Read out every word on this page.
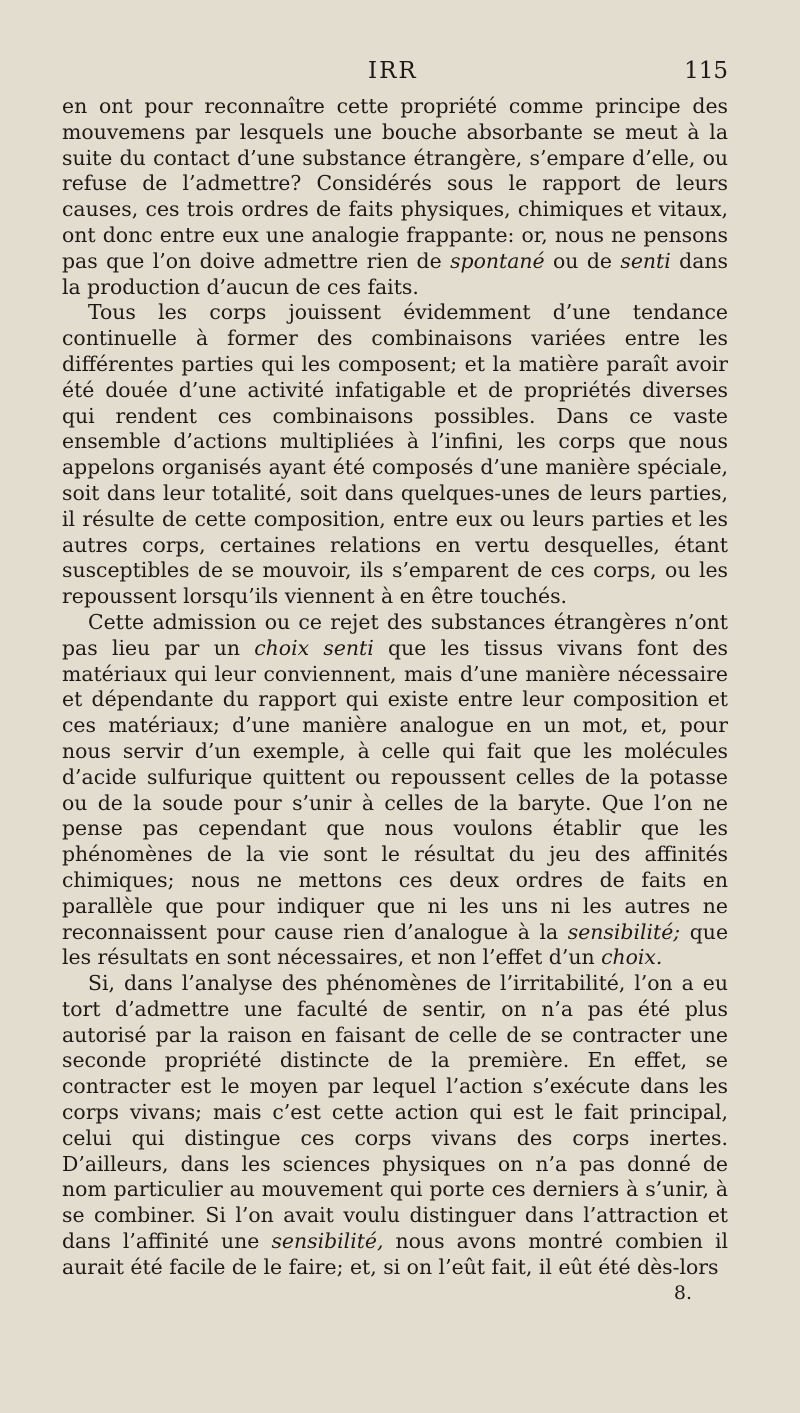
IRR	115

en ont pour reconnaître cette propriété comme principe des mouvemens par lesquels une bouche absorbante se meut à la suite du contact d’une substance étrangère, s’empare d’elle, ou refuse de l’admettre? Considérés sous le rapport de leurs causes, ces trois ordres de faits physiques, chimiques et vitaux, ont donc entre eux une analogie frappante: or, nous ne pensons pas que l’on doive admettre rien de spontané ou de senti dans la production d’aucun de ces faits.

Tous les corps jouissent évidemment d’une tendance continuelle à former des combinaisons variées entre les différentes parties qui les composent; et la matière paraît avoir été douée d’une activité infatigable et de propriétés diverses qui rendent ces combinaisons possibles. Dans ce vaste ensemble d’actions multipliées à l’infini, les corps que nous appelons organisés ayant été composés d’une manière spéciale, soit dans leur totalité, soit dans quelques-unes de leurs parties, il résulte de cette composition, entre eux ou leurs parties et les autres corps, certaines relations en vertu desquelles, étant susceptibles de se mouvoir, ils s’emparent de ces corps, ou les repoussent lorsqu’ils viennent à en être touchés.

Cette admission ou ce rejet des substances étrangères n’ont pas lieu par un choix senti que les tissus vivans font des matériaux qui leur conviennent, mais d’une manière nécessaire et dépendante du rapport qui existe entre leur composition et ces matériaux; d’une manière analogue en un mot, et, pour nous servir d’un exemple, à celle qui fait que les molécules d’acide sulfurique quittent ou repoussent celles de la potasse ou de la soude pour s’unir à celles de la baryte. Que l’on ne pense pas cependant que nous voulons établir que les phénomènes de la vie sont le résultat du jeu des affinités chimiques; nous ne mettons ces deux ordres de faits en parallèle que pour indiquer que ni les uns ni les autres ne reconnaissent pour cause rien d’analogue à la sensibilité; que les résultats en sont nécessaires, et non l’effet d’un choix.

Si, dans l’analyse des phénomènes de l’irritabilité, l’on a eu tort d’admettre une faculté de sentir, on n’a pas été plus autorisé par la raison en faisant de celle de se contracter une seconde propriété distincte de la première. En effet, se contracter est le moyen par lequel l’action s’exécute dans les corps vivans; mais c’est cette action qui est le fait principal, celui qui distingue ces corps vivans des corps inertes. D’ailleurs, dans les sciences physiques on n’a pas donné de nom particulier au mouvement qui porte ces derniers à s’unir, à se combiner. Si l’on avait voulu distinguer dans l’attraction et dans l’affinité une sensibilité, nous avons montré combien il aurait été facile de le faire; et, si on l’eût fait, il eût été dès-lors

8.
